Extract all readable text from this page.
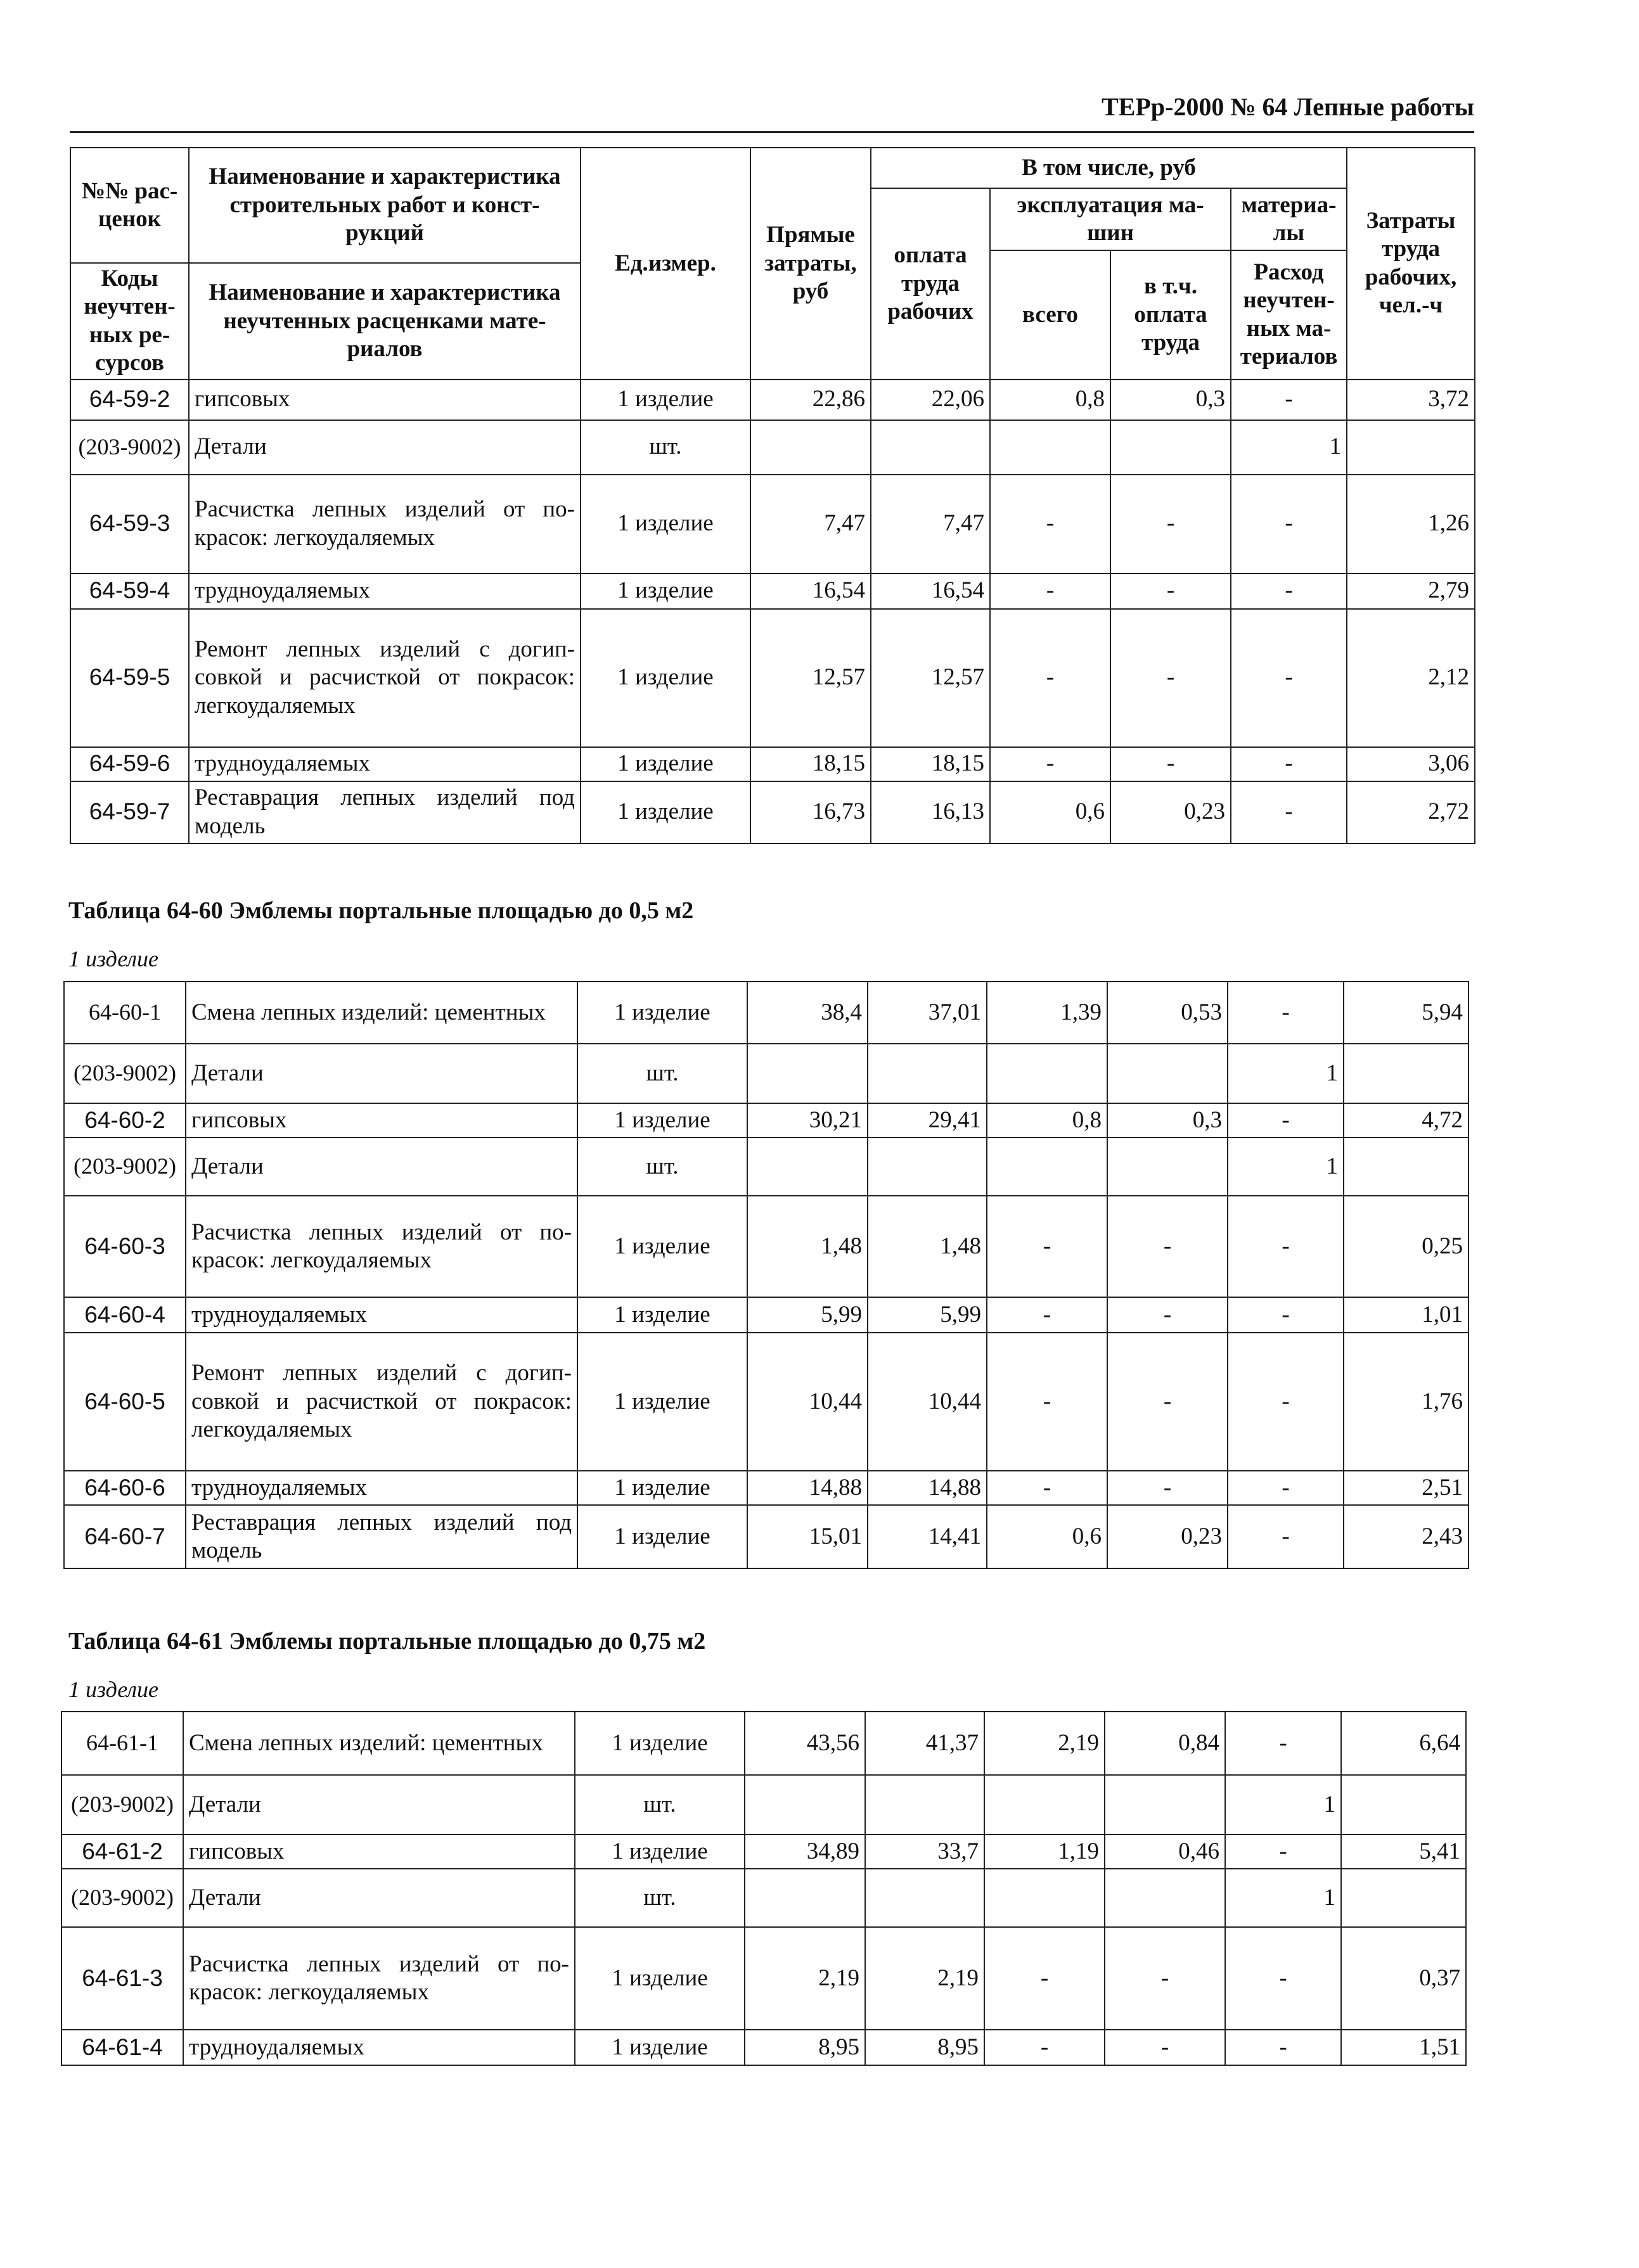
ТЕРр-2000 № 64 Лепные работы
№№ рас-ценок	Наименование и характеристика строительных работ и конст-рукций	Ед.измер.	Прямые затраты, руб	В том числе, руб				Затраты труда рабочих, чел.-ч
				оплата труда рабочих	эксплуатация ма-шин		материа-лы	
					всего	в т.ч. оплата труда	Расход неучтен-ных ма-териалов	
Коды неучтен-ных ре-сурсов	Наименование и характеристика неучтенных расценками мате-риалов							

64-59-2	гипсовых	1 изделие	22,86	22,06	0,8	0,3	-	3,72
(203-9002)	Детали	шт.					1	
64-59-3	Расчистка лепных изделий от по-красок: легкоудаляемых	1 изделие	7,47	7,47	-	-	-	1,26
64-59-4	трудноудаляемых	1 изделие	16,54	16,54	-	-	-	2,79
64-59-5	Ремонт лепных изделий с догип-совкой и расчисткой от покрасок: легкоудаляемых	1 изделие	12,57	12,57	-	-	-	2,12
64-59-6	трудноудаляемых	1 изделие	18,15	18,15	-	-	-	3,06
64-59-7	Реставрация лепных изделий под модель	1 изделие	16,73	16,13	0,6	0,23	-	2,72
Таблица 64-60 Эмблемы портальные площадью до 0,5 м2
1 изделие
64-60-1	Смена лепных изделий: цементных	1 изделие	38,4	37,01	1,39	0,53	-	5,94
(203-9002)	Детали	шт.					1	
64-60-2	гипсовых	1 изделие	30,21	29,41	0,8	0,3	-	4,72
(203-9002)	Детали	шт.					1	
64-60-3	Расчистка лепных изделий от по-красок: легкоудаляемых	1 изделие	1,48	1,48	-	-	-	0,25
64-60-4	трудноудаляемых	1 изделие	5,99	5,99	-	-	-	1,01
64-60-5	Ремонт лепных изделий с догип-совкой и расчисткой от покрасок: легкоудаляемых	1 изделие	10,44	10,44	-	-	-	1,76
64-60-6	трудноудаляемых	1 изделие	14,88	14,88	-	-	-	2,51
64-60-7	Реставрация лепных изделий под модель	1 изделие	15,01	14,41	0,6	0,23	-	2,43
Таблица 64-61 Эмблемы портальные площадью до 0,75 м2
1 изделие
64-61-1	Смена лепных изделий: цементных	1 изделие	43,56	41,37	2,19	0,84	-	6,64
(203-9002)	Детали	шт.					1	
64-61-2	гипсовых	1 изделие	34,89	33,7	1,19	0,46	-	5,41
(203-9002)	Детали	шт.					1	
64-61-3	Расчистка лепных изделий от по-красок: легкоудаляемых	1 изделие	2,19	2,19	-	-	-	0,37
64-61-4	трудноудаляемых	1 изделие	8,95	8,95	-	-	-	1,51
